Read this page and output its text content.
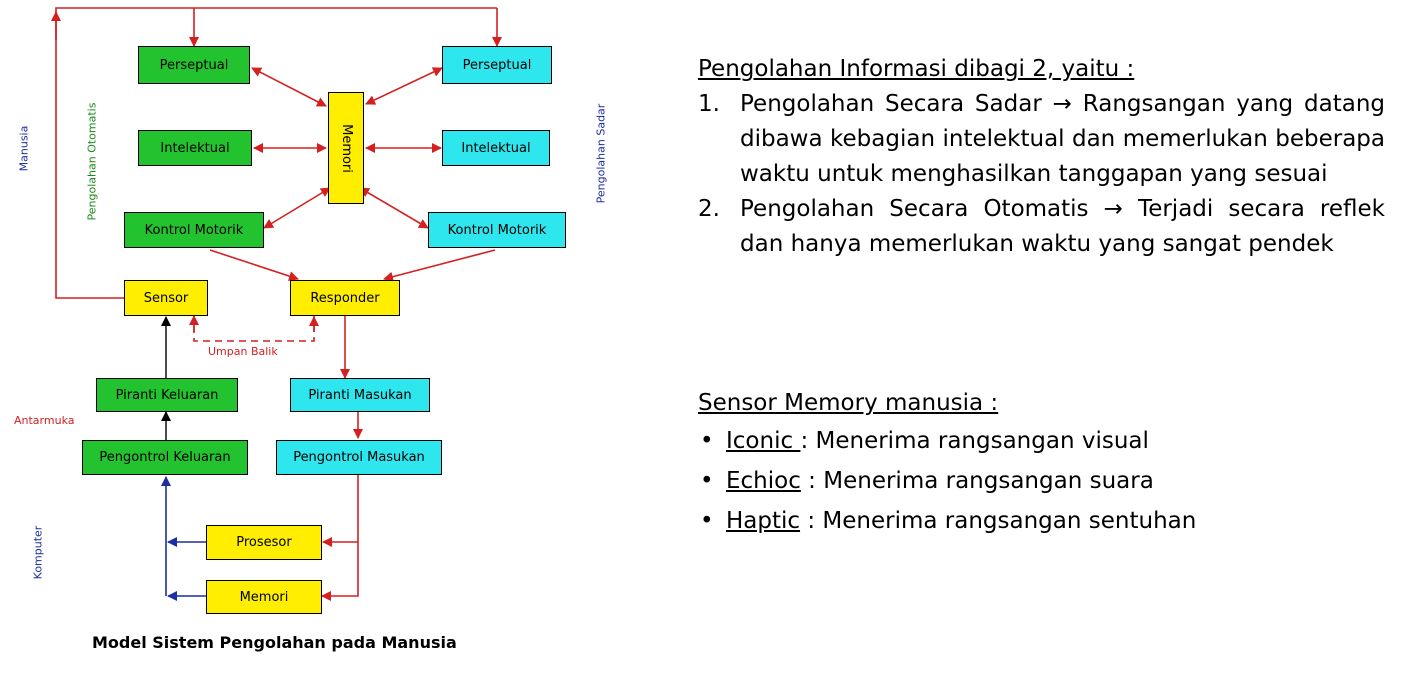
Perseptual	Perseptual
Intelektual	Intelektual
Memori
Kontrol Motorik	Kontrol Motorik
Sensor	Responder
Piranti Keluaran	Piranti Masukan
Pengontrol Keluaran	Pengontrol Masukan
Prosesor
Memori
Manusia	Pengolahan Otomatis	Pengolahan Sadar
Antarmuka
Komputer
Umpan Balik
Model Sistem Pengolahan pada Manusia
Pengolahan Informasi dibagi 2, yaitu :
1. Pengolahan Secara Sadar → Rangsangan yang datang dibawa kebagian intelektual dan memerlukan beberapa waktu untuk menghasilkan tanggapan yang sesuai
2. Pengolahan Secara Otomatis → Terjadi secara reflek dan hanya memerlukan waktu yang sangat pendek
Sensor Memory manusia :
• Iconic : Menerima rangsangan visual
• Echioc : Menerima rangsangan suara
• Haptic : Menerima rangsangan sentuhan
